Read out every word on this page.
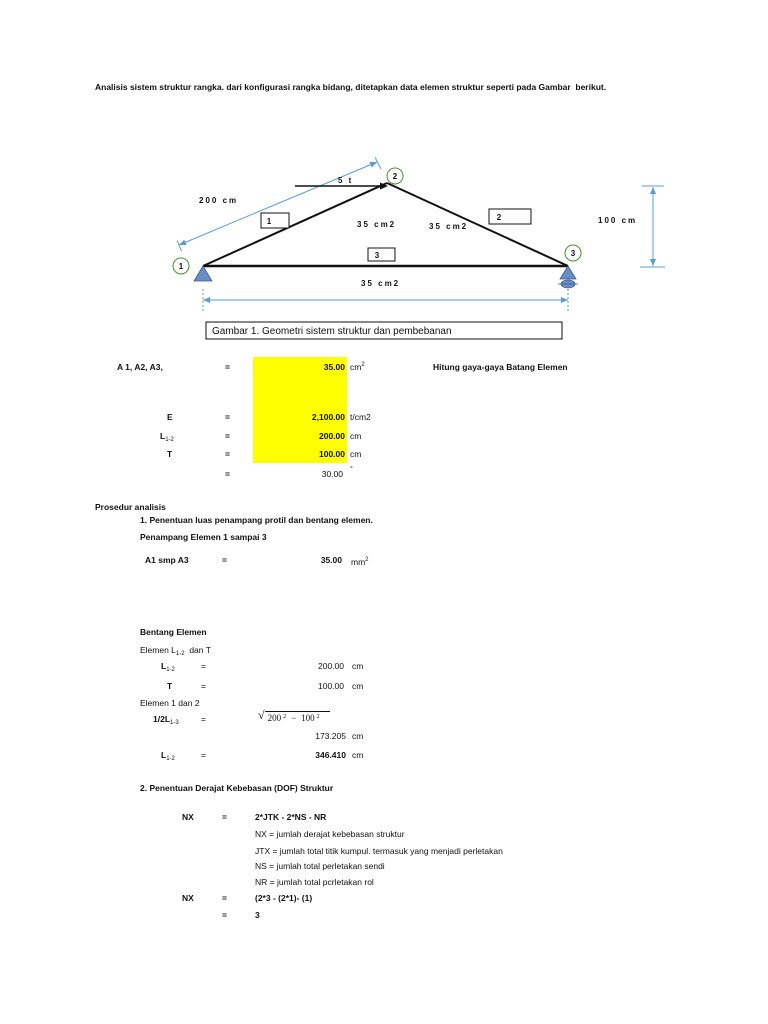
200 cm
100 cm
5 t
1
2
3
1	2
3
35 cm2	35 cm2
35 cm2
Gambar 1. Geometri sistem struktur dan pembebanan
Analisis sistem struktur rangka. dari konfigurasi rangka bidang, ditetapkan data elemen struktur seperti pada Gambar  berikut.
A 1, A2, A3,	=	35.00 $cm^2$	Hitung gaya-gaya Batang Elemen
E	=	2,100.00 t/cm2
$L_{1-2}$	=	200.00 cm
T	=	100.00 cm
=	30.00 °
Prosedur analisis
1. Penentuan luas penampang protil dan bentang elemen.
Penampang Elemen 1 sampai 3
A1 smp A3	=	35.00 $mm^2$
Bentang Elemen
Elemen $L_{1-2}$  dan T
$L_{1-2}$	=	200.00 cm
T	=	100.00 cm
Elemen 1 dan 2
$1/2L_{1-3}$	=	√ 200 $^2$ − 100 $^2$
173.205 cm
$L_{1-2}$	=	346.410 cm
2. Penentuan Derajat Kebebasan (DOF) Struktur
NX	=	2*JTK - 2*NS - NR
NX = jumlah derajat kebebasan struktur
JTX = jumlah total titik kumpul. termasuk yang menjadi perletakan
NS = jumlah total perletakan sendi
NR = jumlah total pcrletakan rol
NX	=	(2*3 - (2*1)- (1)
=	3
